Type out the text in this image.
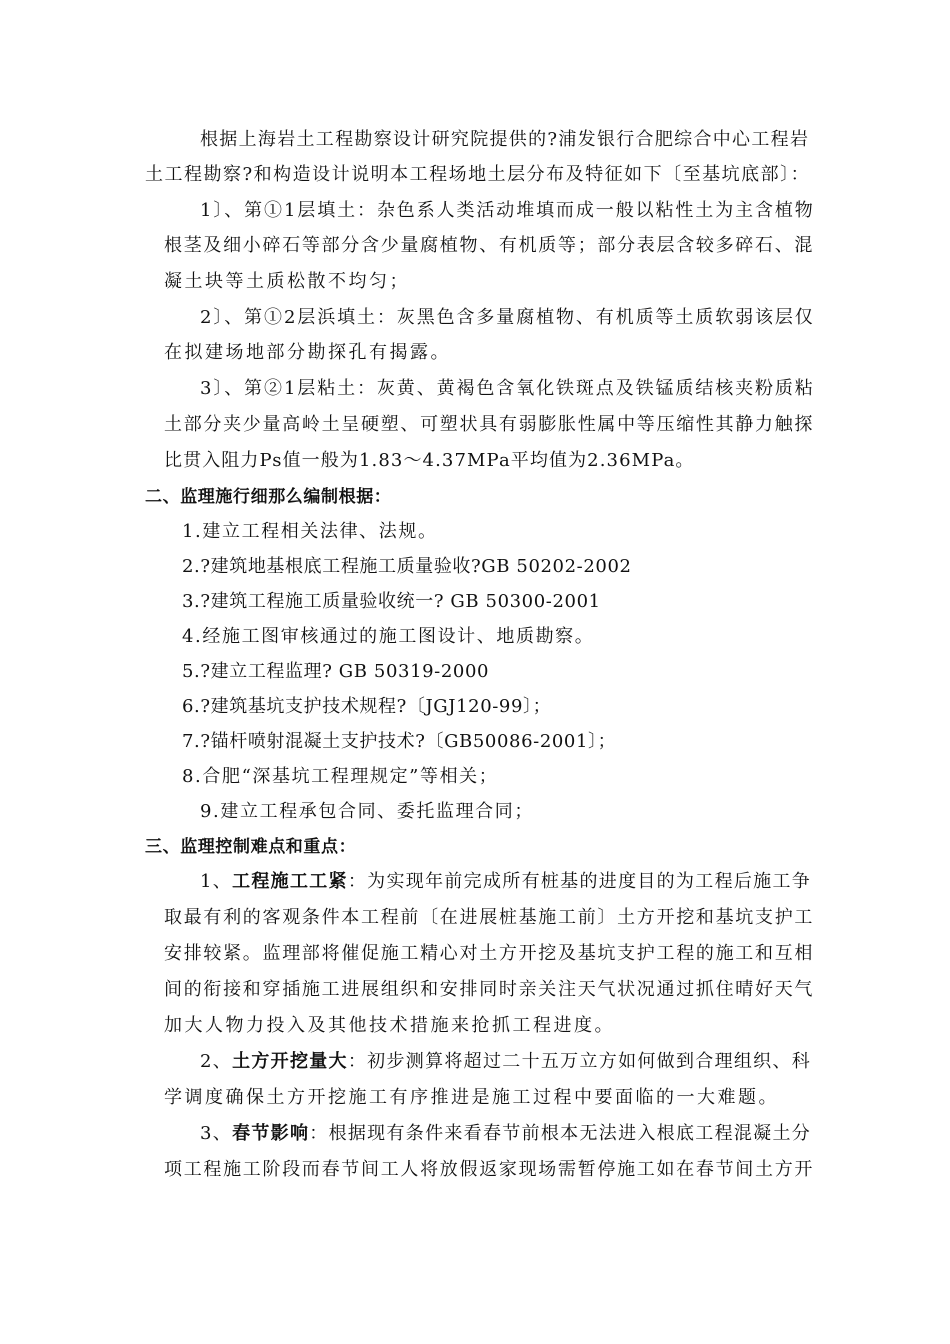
根据上海岩土工程勘察设计研究院提供的?浦发银行合肥综合中心工程岩
土工程勘察?和构造设计说明本工程场地土层分布及特征如下〔至基坑底部〕：
1〕、第①1层填土：杂色系人类活动堆填而成一般以粘性土为主含植物
根茎及细小碎石等部分含少量腐植物、有机质等；部分表层含较多碎石、混
凝土块等土质松散不均匀；
2〕、第①2层浜填土：灰黑色含多量腐植物、有机质等土质软弱该层仅
在拟建场地部分勘探孔有揭露。
3〕、第②1层粘土：灰黄、黄褐色含氧化铁斑点及铁锰质结核夹粉质粘
土部分夹少量高岭土呈硬塑、可塑状具有弱膨胀性属中等压缩性其静力触探
比贯入阻力Ps值一般为1.83～4.37MPa平均值为2.36MPa。
二、监理施行细那么编制根据：
1.建立工程相关法律、法规。
2.?建筑地基根底工程施工质量验收?GB 50202-2002
3.?建筑工程施工质量验收统一? GB 50300-2001
4.经施工图审核通过的施工图设计、地质勘察。
5.?建立工程监理? GB 50319-2000
6.?建筑基坑支护技术规程?〔JGJ120-99〕；
7.?锚杆喷射混凝土支护技术?〔GB50086-2001〕；
8.合肥“深基坑工程理规定”等相关；
9.建立工程承包合同、委托监理合同；
三、监理控制难点和重点：
1、工程施工工紧：为实现年前完成所有桩基的进度目的为工程后施工争
取最有利的客观条件本工程前〔在进展桩基施工前〕土方开挖和基坑支护工
安排较紧。监理部将催促施工精心对土方开挖及基坑支护工程的施工和互相
间的衔接和穿插施工进展组织和安排同时亲关注天气状况通过抓住晴好天气
加大人物力投入及其他技术措施来抢抓工程进度。
2、土方开挖量大：初步测算将超过二十五万立方如何做到合理组织、科
学调度确保土方开挖施工有序推进是施工过程中要面临的一大难题。
3、春节影响：根据现有条件来看春节前根本无法进入根底工程混凝土分
项工程施工阶段而春节间工人将放假返家现场需暂停施工如在春节间土方开
